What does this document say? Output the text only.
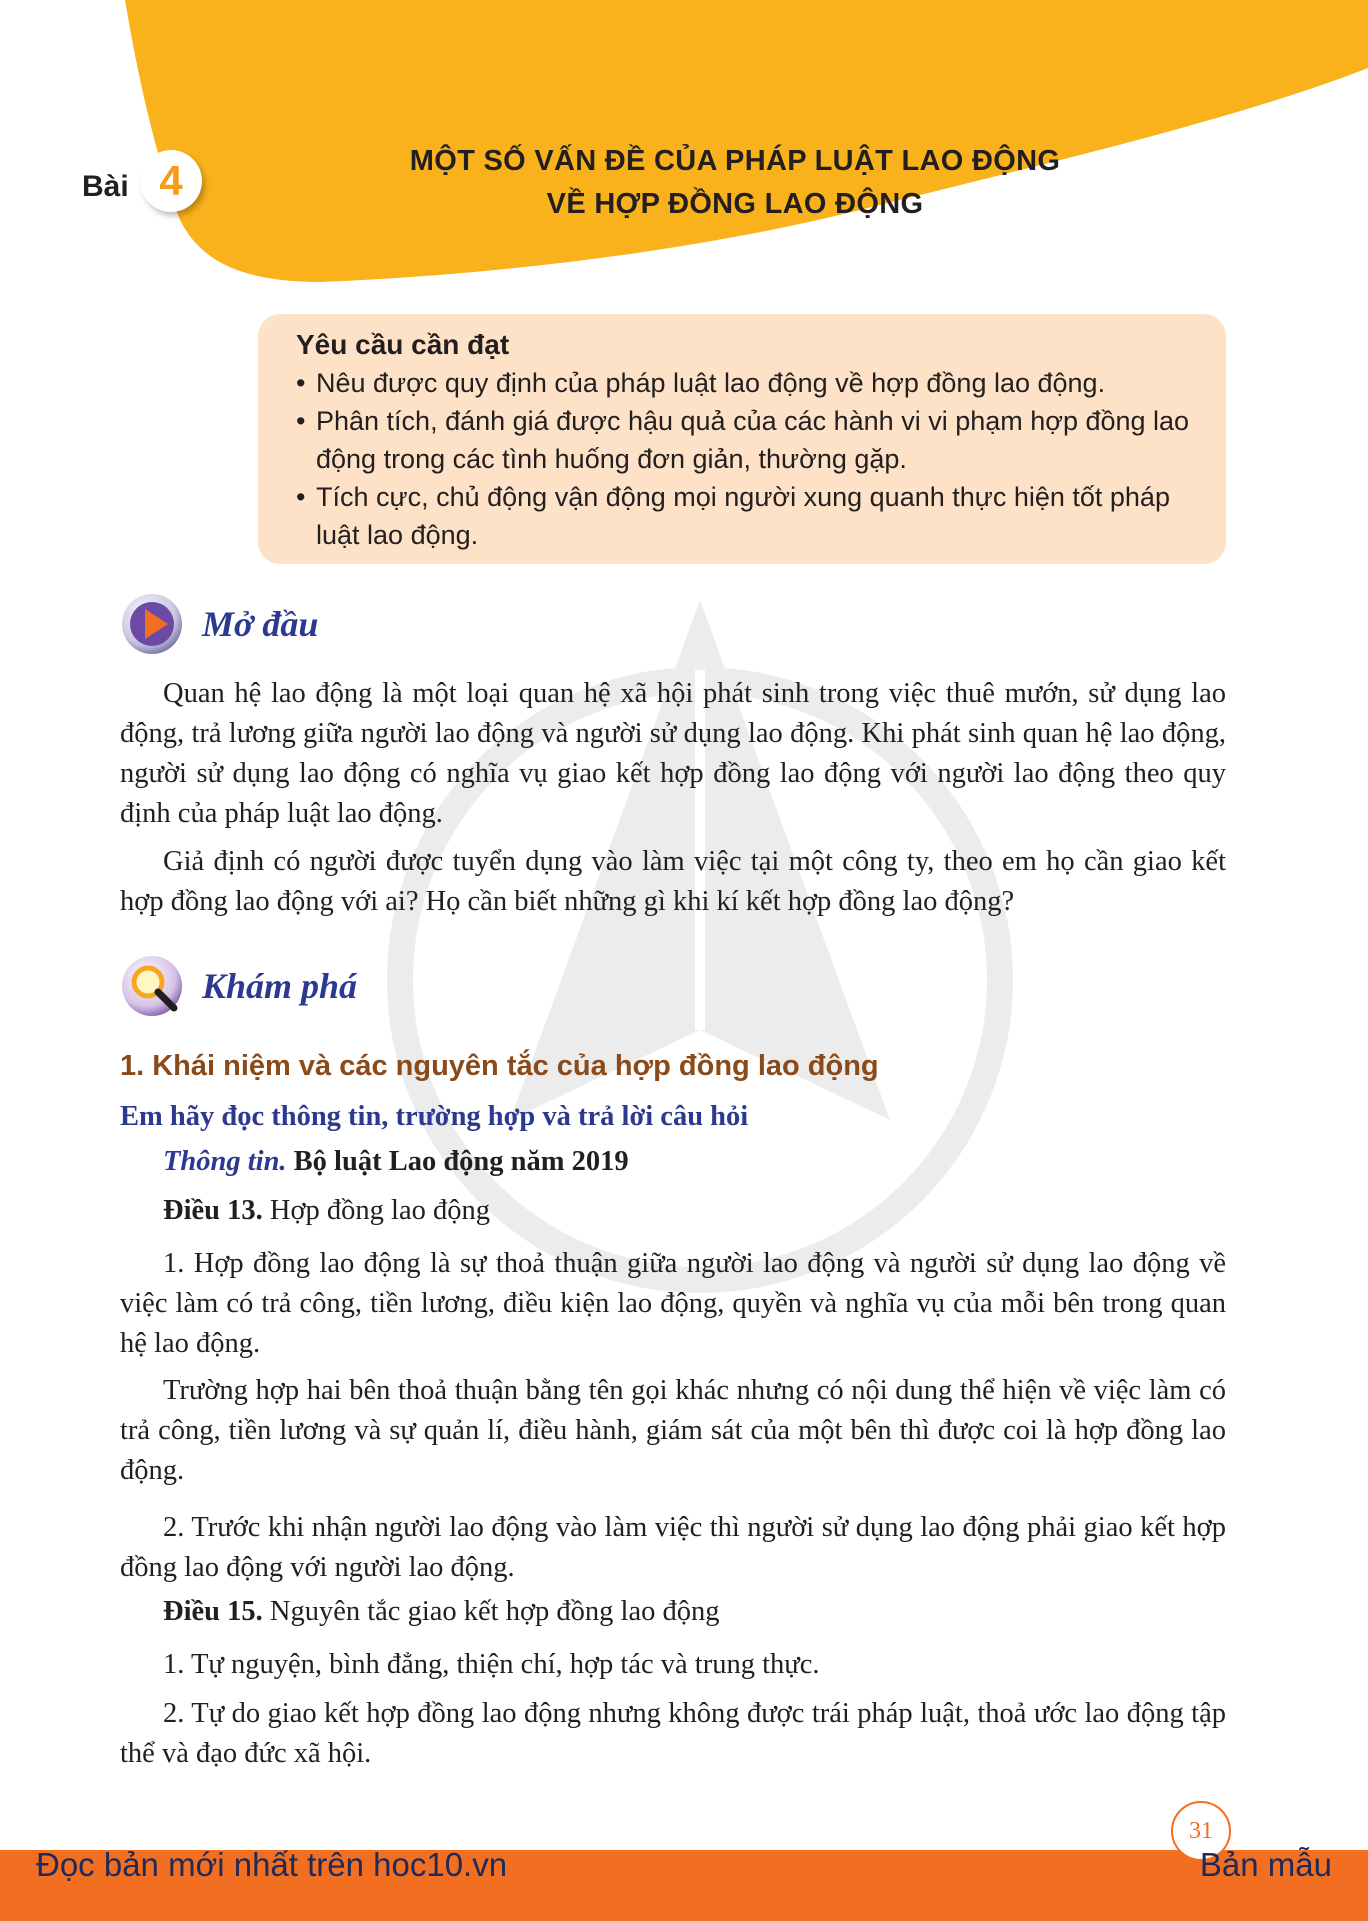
Bài 4	MỘT SỐ VẤN ĐỀ CỦA PHÁP LUẬT LAO ĐỘNG
VỀ HỢP ĐỒNG LAO ĐỘNG
Yêu cầu cần đạt
• Nêu được quy định của pháp luật lao động về hợp đồng lao động.
• Phân tích, đánh giá được hậu quả của các hành vi vi phạm hợp đồng lao động trong các tình huống đơn giản, thường gặp.
• Tích cực, chủ động vận động mọi người xung quanh thực hiện tốt pháp luật lao động.
Mở đầu
Quan hệ lao động là một loại quan hệ xã hội phát sinh trong việc thuê mướn, sử dụng lao động, trả lương giữa người lao động và người sử dụng lao động. Khi phát sinh quan hệ lao động, người sử dụng lao động có nghĩa vụ giao kết hợp đồng lao động với người lao động theo quy định của pháp luật lao động.
Giả định có người được tuyển dụng vào làm việc tại một công ty, theo em họ cần giao kết hợp đồng lao động với ai? Họ cần biết những gì khi kí kết hợp đồng lao động?
Khám phá
1. Khái niệm và các nguyên tắc của hợp đồng lao động
Em hãy đọc thông tin, trường hợp và trả lời câu hỏi
Thông tin. Bộ luật Lao động năm 2019
Điều 13. Hợp đồng lao động
1. Hợp đồng lao động là sự thoả thuận giữa người lao động và người sử dụng lao động về việc làm có trả công, tiền lương, điều kiện lao động, quyền và nghĩa vụ của mỗi bên trong quan hệ lao động.
Trường hợp hai bên thoả thuận bằng tên gọi khác nhưng có nội dung thể hiện về việc làm có trả công, tiền lương và sự quản lí, điều hành, giám sát của một bên thì được coi là hợp đồng lao động.
2. Trước khi nhận người lao động vào làm việc thì người sử dụng lao động phải giao kết hợp đồng lao động với người lao động.
Điều 15. Nguyên tắc giao kết hợp đồng lao động
1. Tự nguyện, bình đẳng, thiện chí, hợp tác và trung thực.
2. Tự do giao kết hợp đồng lao động nhưng không được trái pháp luật, thoả ước lao động tập thể và đạo đức xã hội.
31
Đọc bản mới nhất trên hoc10.vn	Bản mẫu
